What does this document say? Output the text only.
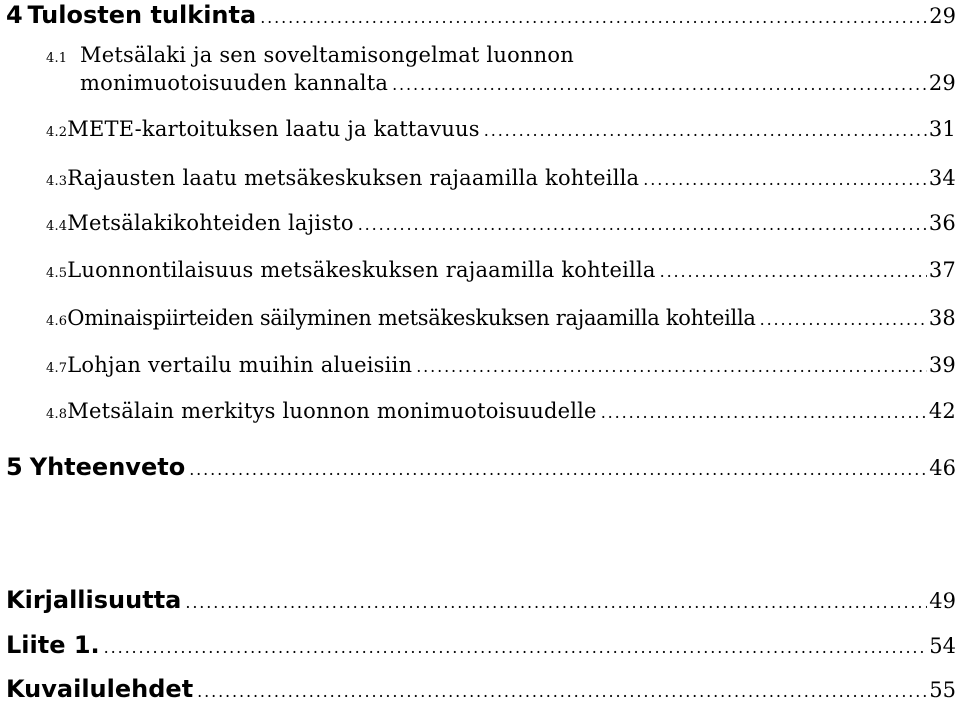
4 Tulosten tulkinta . . .	29
4.1 Metsälaki ja sen soveltamisongelmat luonnon
monimuotoisuuden kannalta . . .	29
4.2 METE-kartoituksen laatu ja kattavuus . . .	31
4.3 Rajausten laatu metsäkeskuksen rajaamilla kohteilla . . .	34
4.4 Metsälakikohteiden lajisto . . .	36
4.5 Luonnontilaisuus metsäkeskuksen rajaamilla kohteilla . . .	37
4.6 Ominaispiirteiden säilyminen metsäkeskuksen rajaamilla kohteilla . . .	38
4.7 Lohjan vertailu muihin alueisiin . . .	39
4.8 Metsälain merkitys luonnon monimuotoisuudelle . . .	42
5 Yhteenveto . . .	46
Kirjallisuutta . . .	49
Liite 1. . . .	54
Kuvailulehdet . . .	55
